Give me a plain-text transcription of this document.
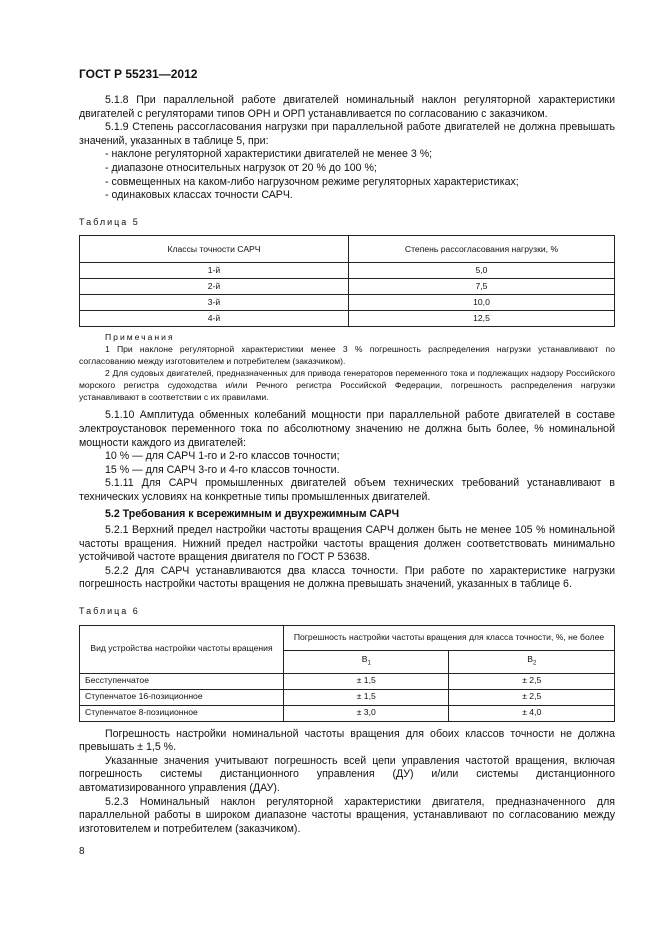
ГОСТ Р 55231—2012

5.1.8 При параллельной работе двигателей номинальный наклон регуляторной характеристики двигателей с регуляторами типов ОРН и ОРП устанавливается по согласованию с заказчиком.

5.1.9 Степень рассогласования нагрузки при параллельной работе двигателей не должна превышать значений, указанных в таблице 5, при:

- наклоне регуляторной характеристики двигателей не менее 3 %;

- диапазоне относительных нагрузок от 20 % до 100 %;

- совмещенных на каком-либо нагрузочном режиме регуляторных характеристиках;

- одинаковых классах точности САРЧ.

Таблица 5
Классы точности САРЧ	Степень рассогласования нагрузки, %
1-й	5,0
2-й	7,5
3-й	10,0
4-й	12,5
Примечания

1 При наклоне регуляторной характеристики менее 3 % погрешность распределения нагрузки устанавливают по согласованию между изготовителем и потребителем (заказчиком).

2 Для судовых двигателей, предназначенных для привода генераторов переменного тока и подлежащих надзору Российского морского регистра судоходства и/или Речного регистра Российской Федерации, погрешность распределения нагрузки устанавливают в соответствии с их правилами.

5.1.10 Амплитуда обменных колебаний мощности при параллельной работе двигателей в составе электроустановок переменного тока по абсолютному значению не должна быть более, % номинальной мощности каждого из двигателей:

10 % — для САРЧ 1-го и 2-го классов точности;

15 % — для САРЧ 3-го и 4-го классов точности.

5.1.11 Для САРЧ промышленных двигателей объем технических требований устанавливают в технических условиях на конкретные типы промышленных двигателей.

5.2 Требования к всережимным и двухрежимным САРЧ

5.2.1 Верхний предел настройки частоты вращения САРЧ должен быть не менее 105 % номинальной частоты вращения. Нижний предел настройки частоты вращения должен соответствовать минимально устойчивой частоте вращения двигателя по ГОСТ Р 53638.

5.2.2 Для САРЧ устанавливаются два класса точности. При работе по характеристике нагрузки погрешность настройки частоты вращения не должна превышать значений, указанных в таблице 6.

Таблица 6
Вид устройства настройки частоты вращения	Погрешность настройки частоты вращения для класса точности, %, не более	
	$В_1$	$В_2$
Бесступенчатое	± 1,5	± 2,5
Ступенчатое 16-позиционное	± 1,5	± 2,5
Ступенчатое 8-позиционное	± 3,0	± 4,0

Погрешность настройки номинальной частоты вращения для обоих классов точности не должна превышать ± 1,5 %.

Указанные значения учитывают погрешность всей цепи управления частотой вращения, включая погрешность системы дистанционного управления (ДУ) и/или системы дистанционного автоматизированного управления (ДАУ).

5.2.3 Номинальный наклон регуляторной характеристики двигателя, предназначенного для параллельной работы в широком диапазоне частоты вращения, устанавливают по согласованию между изготовителем и потребителем (заказчиком).

8
